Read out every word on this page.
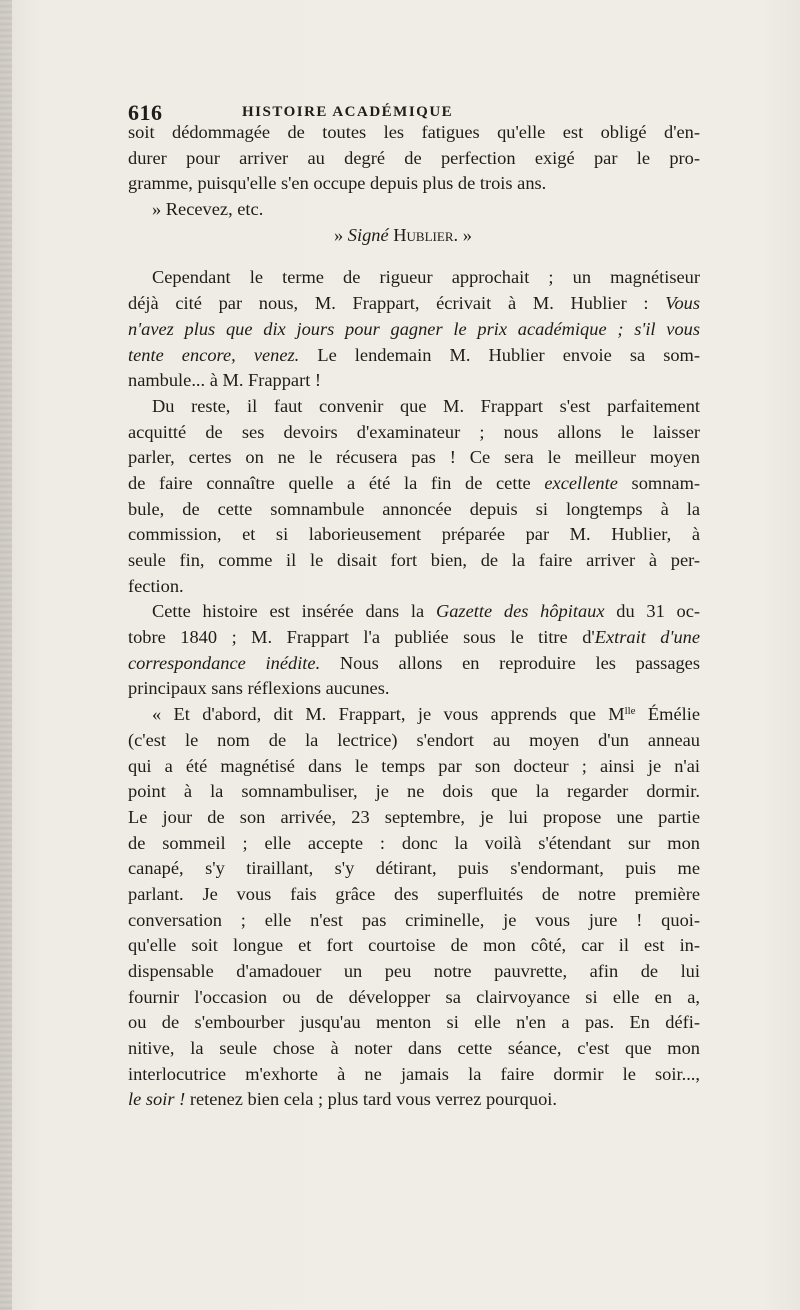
616	HISTOIRE ACADÉMIQUE
soit dédommagée de toutes les fatigues qu'elle est obligé d'en-
durer pour arriver au degré de perfection exigé par le pro-
gramme, puisqu'elle s'en occupe depuis plus de trois ans.
» Recevez, etc.
» Signé Hublier. »
Cependant le terme de rigueur approchait ; un magnétiseur
déjà cité par nous, M. Frappart, écrivait à M. Hublier : Vous
n'avez plus que dix jours pour gagner le prix académique ; s'il vous
tente encore, venez. Le lendemain M. Hublier envoie sa som-
nambule... à M. Frappart !
Du reste, il faut convenir que M. Frappart s'est parfaitement
acquitté de ses devoirs d'examinateur ; nous allons le laisser
parler, certes on ne le récusera pas ! Ce sera le meilleur moyen
de faire connaître quelle a été la fin de cette excellente somnam-
bule, de cette somnambule annoncée depuis si longtemps à la
commission, et si laborieusement préparée par M. Hublier, à
seule fin, comme il le disait fort bien, de la faire arriver à per-
fection.
Cette histoire est insérée dans la Gazette des hôpitaux du 31 oc-
tobre 1840 ; M. Frappart l'a publiée sous le titre d'Extrait d'une
correspondance inédite. Nous allons en reproduire les passages
principaux sans réflexions aucunes.
« Et d'abord, dit M. Frappart, je vous apprends que $M^{lle}$ Émélie
(c'est le nom de la lectrice) s'endort au moyen d'un anneau
qui a été magnétisé dans le temps par son docteur ; ainsi je n'ai
point à la somnambuliser, je ne dois que la regarder dormir.
Le jour de son arrivée, 23 septembre, je lui propose une partie
de sommeil ; elle accepte : donc la voilà s'étendant sur mon
canapé, s'y tiraillant, s'y détirant, puis s'endormant, puis me
parlant. Je vous fais grâce des superfluités de notre première
conversation ; elle n'est pas criminelle, je vous jure ! quoi-
qu'elle soit longue et fort courtoise de mon côté, car il est in-
dispensable d'amadouer un peu notre pauvrette, afin de lui
fournir l'occasion ou de développer sa clairvoyance si elle en a,
ou de s'embourber jusqu'au menton si elle n'en a pas. En défi-
nitive, la seule chose à noter dans cette séance, c'est que mon
interlocutrice m'exhorte à ne jamais la faire dormir le soir...,
le soir ! retenez bien cela ; plus tard vous verrez pourquoi.
